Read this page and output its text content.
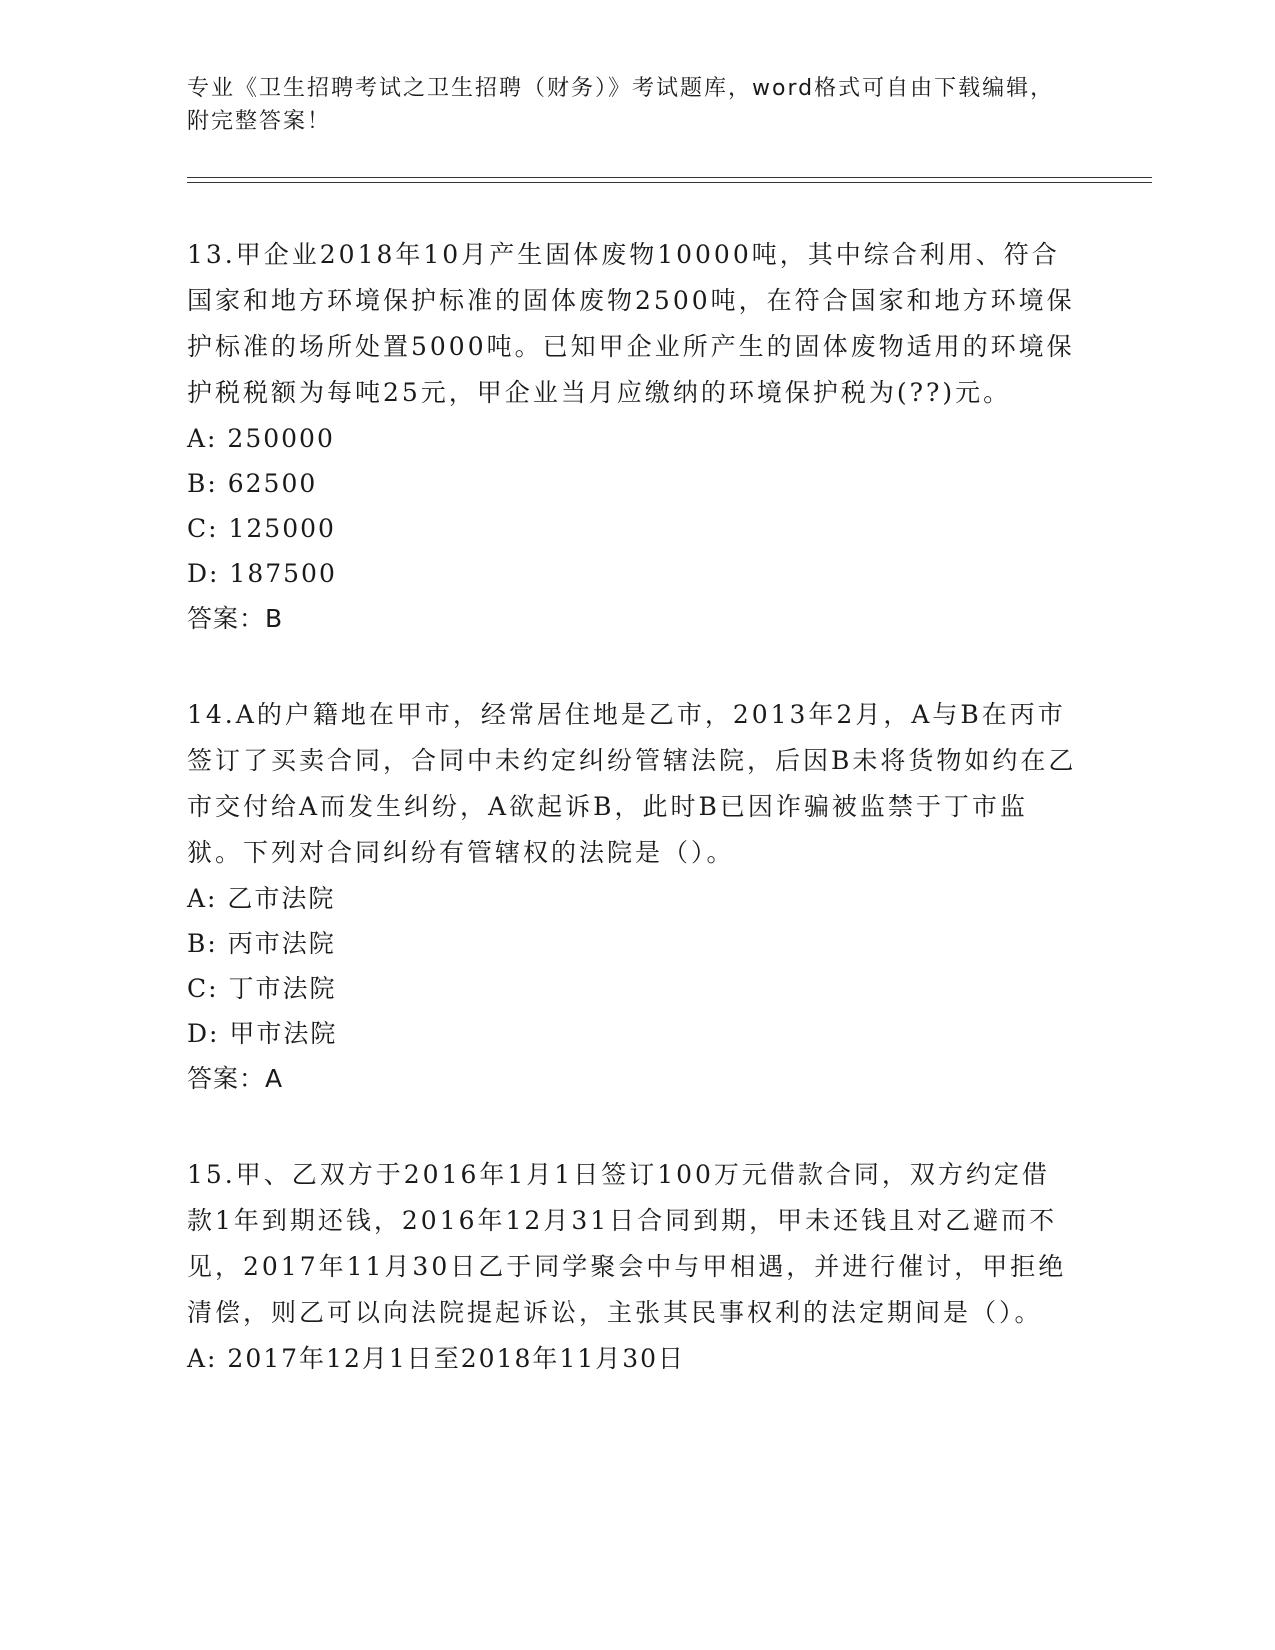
专业《卫生招聘考试之卫生招聘（财务）》考试题库，word格式可自由下载编辑，附完整答案！

13.甲企业2018年10月产生固体废物10000吨，其中综合利用、符合国家和地方环境保护标准的固体废物2500吨，在符合国家和地方环境保护标准的场所处置5000吨。已知甲企业所产生的固体废物适用的环境保护税税额为每吨25元，甲企业当月应缴纳的环境保护税为(??)元。

A: 250000

B: 62500

C: 125000

D: 187500

答案：B

14.A的户籍地在甲市，经常居住地是乙市，2013年2月，A与B在丙市签订了买卖合同，合同中未约定纠纷管辖法院，后因B未将货物如约在乙市交付给A而发生纠纷，A欲起诉B，此时B已因诈骗被监禁于丁市监狱。下列对合同纠纷有管辖权的法院是（）。

A: 乙市法院

B: 丙市法院

C: 丁市法院

D: 甲市法院

答案：A

15.甲、乙双方于2016年1月1日签订100万元借款合同，双方约定借款1年到期还钱，2016年12月31日合同到期，甲未还钱且对乙避而不见，2017年11月30日乙于同学聚会中与甲相遇，并进行催讨，甲拒绝清偿，则乙可以向法院提起诉讼，主张其民事权利的法定期间是（）。

A: 2017年12月1日至2018年11月30日
